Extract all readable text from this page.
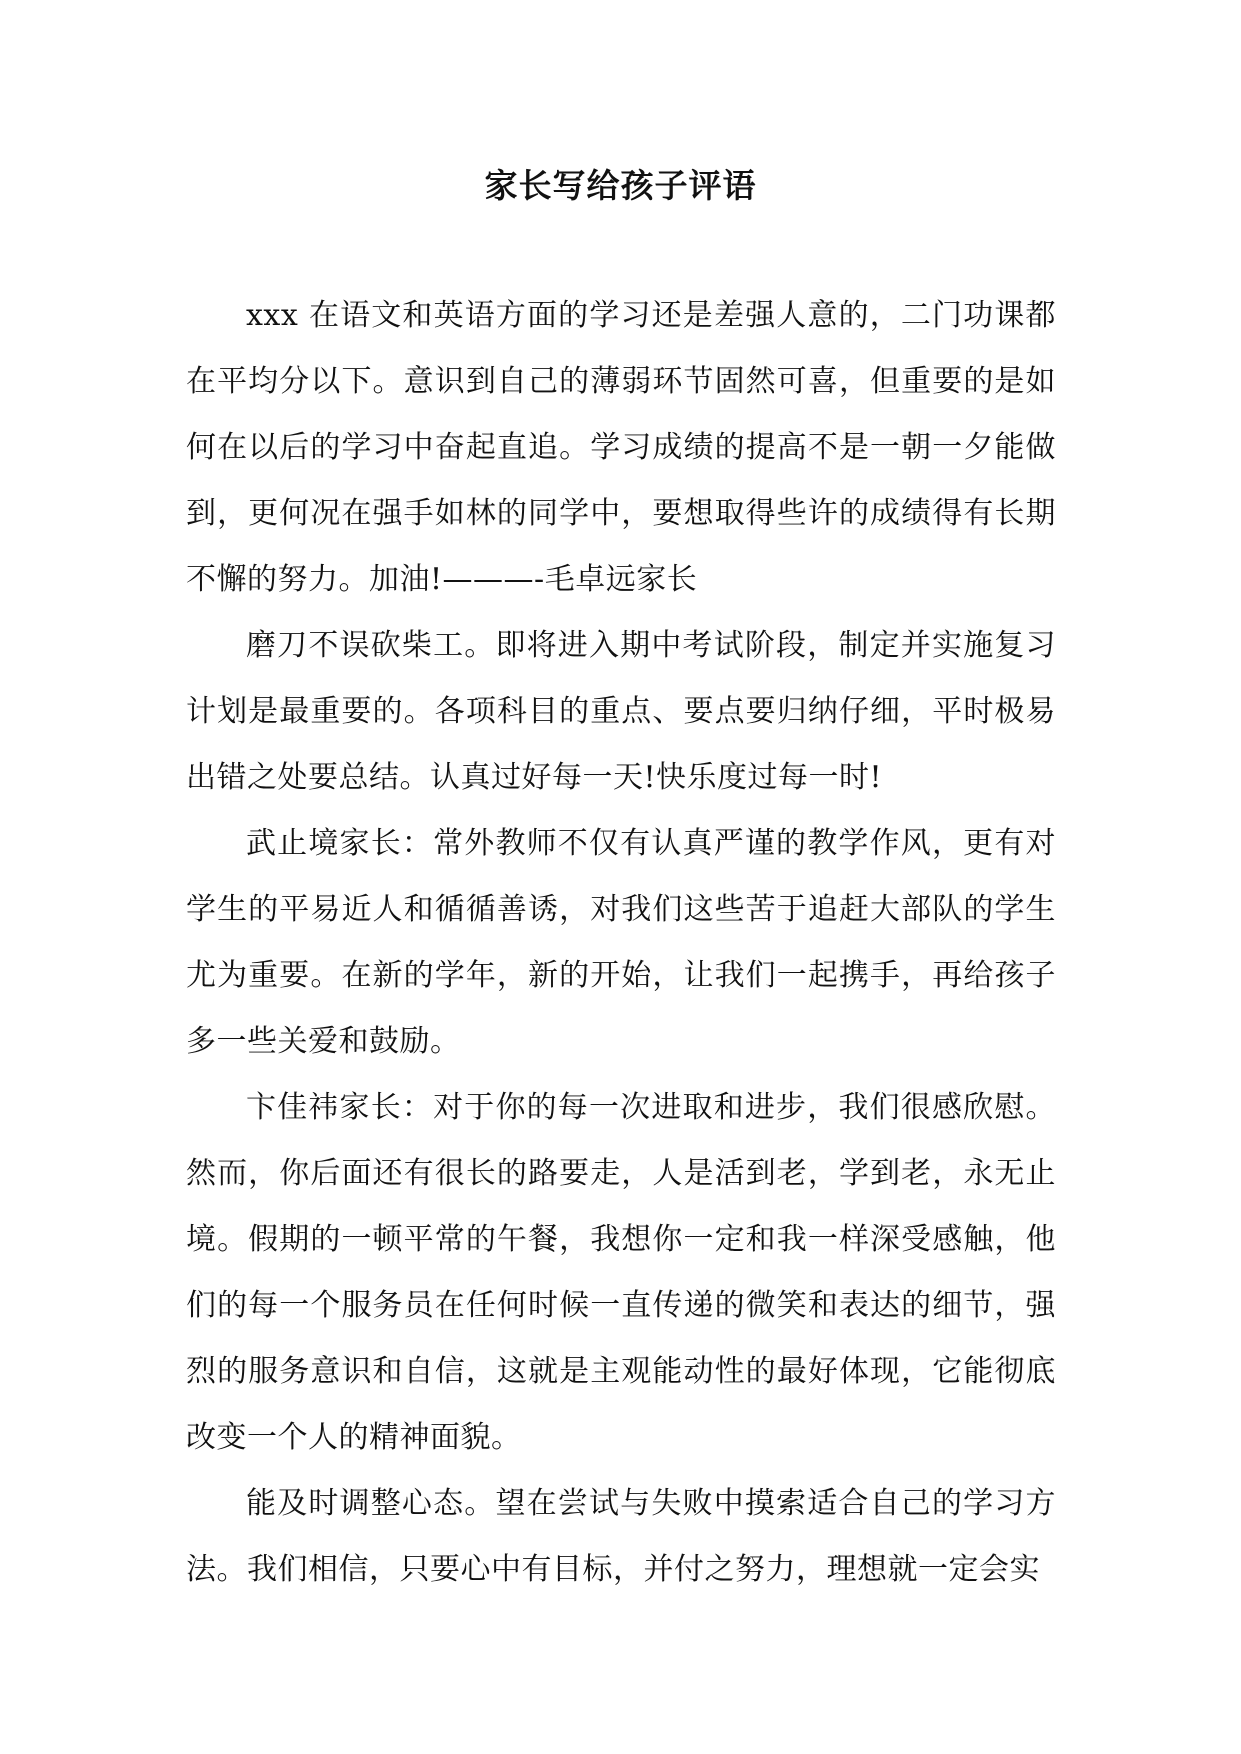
家长写给孩子评语

xxx 在语文和英语方面的学习还是差强人意的，二门功课都在平均分以下。意识到自己的薄弱环节固然可喜，但重要的是如何在以后的学习中奋起直追。学习成绩的提高不是一朝一夕能做到，更何况在强手如林的同学中，要想取得些许的成绩得有长期不懈的努力。加油!———-毛卓远家长

磨刀不误砍柴工。即将进入期中考试阶段，制定并实施复习计划是最重要的。各项科目的重点、要点要归纳仔细，平时极易出错之处要总结。认真过好每一天!快乐度过每一时!

武止境家长：常外教师不仅有认真严谨的教学作风，更有对学生的平易近人和循循善诱，对我们这些苦于追赶大部队的学生尤为重要。在新的学年，新的开始，让我们一起携手，再给孩子多一些关爱和鼓励。

卞佳祎家长：对于你的每一次进取和进步，我们很感欣慰。然而，你后面还有很长的路要走，人是活到老，学到老，永无止境。假期的一顿平常的午餐，我想你一定和我一样深受感触，他们的每一个服务员在任何时候一直传递的微笑和表达的细节，强烈的服务意识和自信，这就是主观能动性的最好体现，它能彻底改变一个人的精神面貌。

能及时调整心态。望在尝试与失败中摸索适合自己的学习方法。我们相信，只要心中有目标，并付之努力，理想就一定会实
